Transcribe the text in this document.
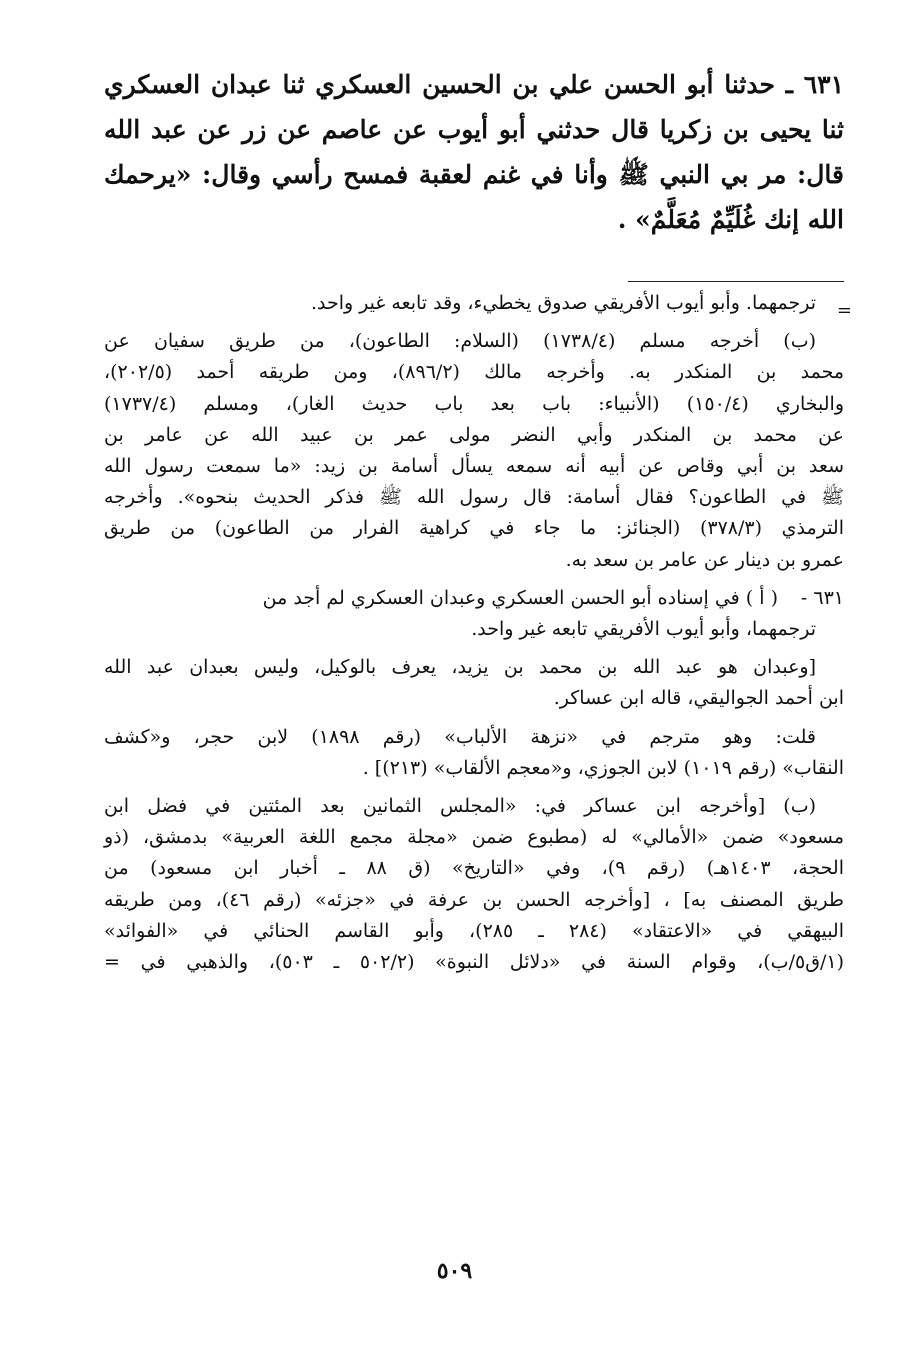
٦٣١ ـ حدثنا أبو الحسن علي بن الحسين العسكري ثنا عبدان العسكري ثنا يحيى بن زكريا قال حدثني أبو أيوب عن عاصم عن زر عن عبد الله قال: مر بي النبي ﷺ وأنا في غنم لعقبة فمسح رأسي وقال: «يرحمك الله إنك غُلَيِّمٌ مُعَلَّمٌ» .
=
ترجمهما. وأبو أيوب الأفريقي صدوق يخطيء، وقد تابعه غير واحد.
(ب) أخرجه مسلم (١٧٣٨/٤) (السلام: الطاعون)، من طريق سفيان عن
محمد بن المنكدر به. وأخرجه مالك (٨٩٦/٢)، ومن طريقه أحمد (٢٠٢/٥)،
والبخاري (١٥٠/٤) (الأنبياء: باب بعد باب حديث الغار)، ومسلم (١٧٣٧/٤)
عن محمد بن المنكدر وأبي النضر مولى عمر بن عبيد الله عن عامر بن
سعد بن أبي وقاص عن أبيه أنه سمعه يسأل أسامة بن زيد: «ما سمعت رسول الله
ﷺ في الطاعون؟ فقال أسامة: قال رسول الله ﷺ فذكر الحديث بنحوه». وأخرجه
الترمذي (٣٧٨/٣) (الجنائز: ما جاء في كراهية الفرار من الطاعون) من طريق
عمرو بن دينار عن عامر بن سعد به.
٦٣١ -( أ ) في إسناده أبو الحسن العسكري وعبدان العسكري لم أجد من
ترجمهما، وأبو أيوب الأفريقي تابعه غير واحد.
[وعبدان هو عبد الله بن محمد بن يزيد، يعرف بالوكيل، وليس بعبدان عبد الله
ابن أحمد الجواليقي، قاله ابن عساكر.
قلت: وهو مترجم في «نزهة الألباب» (رقم ١٨٩٨) لابن حجر، و«كشف
النقاب» (رقم ١٠١٩) لابن الجوزي، و«معجم الألقاب» (٢١٣)] .
(ب) [وأخرجه ابن عساكر في: «المجلس الثمانين بعد المئتين في فضل ابن
مسعود» ضمن «الأمالي» له (مطبوع ضمن «مجلة مجمع اللغة العربية» بدمشق، (ذو
الحجة، ١٤٠٣هـ) (رقم ٩)، وفي «التاريخ» (ق ٨٨ ـ أخبار ابن مسعود) من
طريق المصنف به] ، [وأخرجه الحسن بن عرفة في «جزئه» (رقم ٤٦)، ومن طريقه
البيهقي في «الاعتقاد» (٢٨٤ ـ ٢٨٥)، وأبو القاسم الحنائي في «الفوائد»
(١/ق٥/ب)، وقوام السنة في «دلائل النبوة» (٥٠٢/٢ ـ ٥٠٣)، والذهبي في =
٥٠٩
